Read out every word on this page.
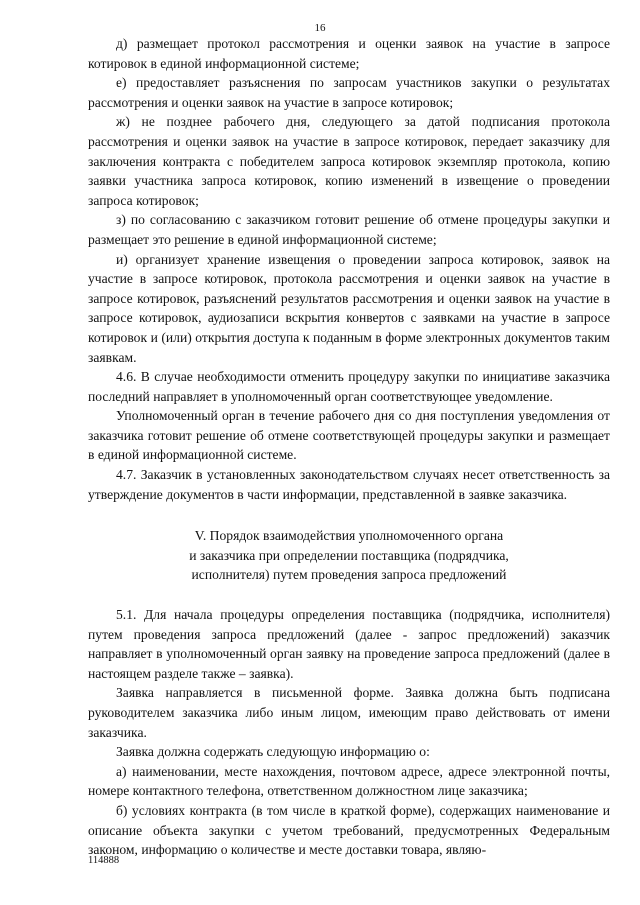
16

д) размещает протокол рассмотрения и оценки заявок на участие в запросе котировок в единой информационной системе;

е) предоставляет разъяснения по запросам участников закупки о результатах рассмотрения и оценки заявок на участие в запросе котировок;

ж) не позднее рабочего дня, следующего за датой подписания протокола рассмотрения и оценки заявок на участие в запросе котировок, передает заказчику для заключения контракта с победителем запроса котировок экземпляр протокола, копию заявки участника запроса котировок, копию изменений в извещение о проведении запроса котировок;

з) по согласованию с заказчиком готовит решение об отмене процедуры закупки и размещает это решение в единой информационной системе;

и) организует хранение извещения о проведении запроса котировок, заявок на участие в запросе котировок, протокола рассмотрения и оценки заявок на участие в запросе котировок, разъяснений результатов рассмотрения и оценки заявок на участие в запросе котировок, аудиозаписи вскрытия конвертов с заявками на участие в запросе котировок и (или) открытия доступа к поданным в форме электронных документов таким заявкам.

4.6. В случае необходимости отменить процедуру закупки по инициативе заказчика последний направляет в уполномоченный орган соответствующее уведомление.

Уполномоченный орган в течение рабочего дня со дня поступления уведомления от заказчика готовит решение об отмене соответствующей процедуры закупки и размещает в единой информационной системе.

4.7. Заказчик в установленных законодательством случаях несет ответственность за утверждение документов в части информации, представленной в заявке заказчика.

V. Порядок взаимодействия уполномоченного органа
и заказчика при определении поставщика (подрядчика,
исполнителя) путем проведения запроса предложений

5.1. Для начала процедуры определения поставщика (подрядчика, исполнителя) путем проведения запроса предложений (далее - запрос предложений) заказчик направляет в уполномоченный орган заявку на проведение запроса предложений (далее в настоящем разделе также – заявка).

Заявка направляется в письменной форме. Заявка должна быть подписана руководителем заказчика либо иным лицом, имеющим право действовать от имени заказчика.

Заявка должна содержать следующую информацию о:

а) наименовании, месте нахождения, почтовом адресе, адресе электронной почты, номере контактного телефона, ответственном должностном лице заказчика;

б) условиях контракта (в том числе в краткой форме), содержащих наименование и описание объекта закупки с учетом требований, предусмотренных Федеральным законом, информацию о количестве и месте доставки товара, являю-

114888
